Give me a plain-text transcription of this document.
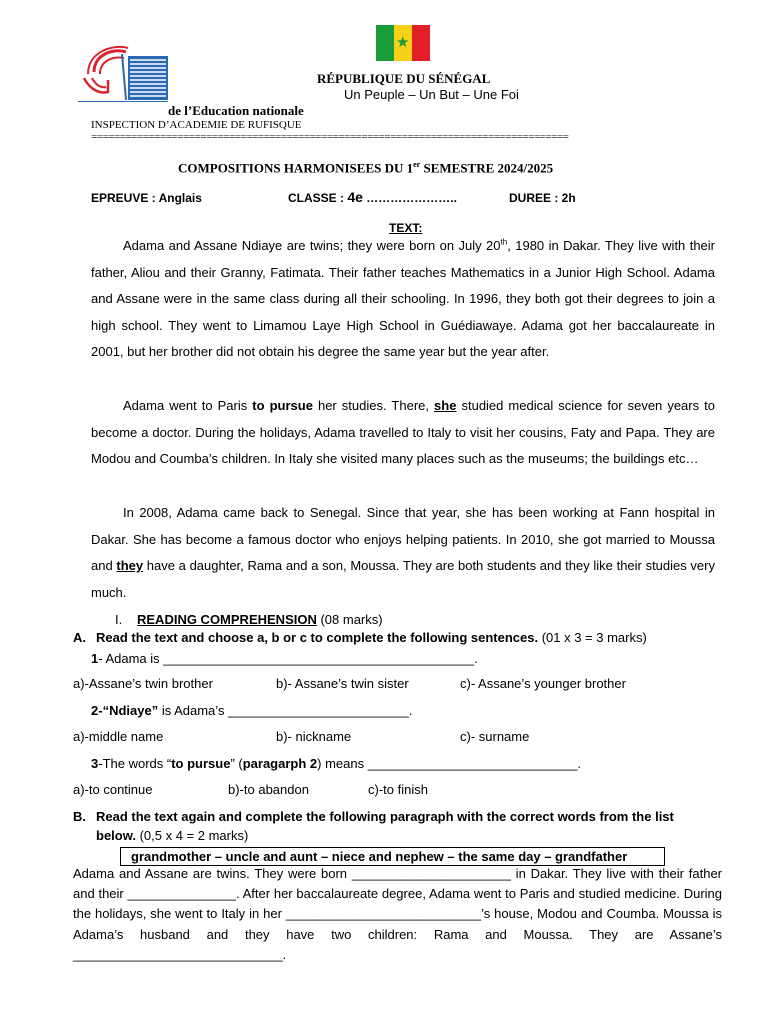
★
RÉPUBLIQUE DU SÉNÉGAL
Un Peuple – Un But – Une Foi
de l’Education nationale
INSPECTION D’ACADEMIE DE RUFISQUE
===================================================================================
COMPOSITIONS HARMONISEES DU 1er SEMESTRE 2024/2025
EPREUVE : Anglais	CLASSE : 4e …………………..	DUREE : 2h
TEXT:
Adama and Assane Ndiaye are twins; they were born on July 20th, 1980 in Dakar. They live with their father, Aliou and their Granny, Fatimata. Their father teaches Mathematics in a Junior High School. Adama and Assane were in the same class during all their schooling. In 1996, they both got their degrees to join a high school. They went to Limamou Laye High School in Guédiawaye. Adama got her baccalaureate in 2001, but her brother did not obtain his degree the same year but the year after.
Adama went to Paris to pursue her studies. There, she studied medical science for seven years to become a doctor. During the holidays, Adama travelled to Italy to visit her cousins, Faty and Papa. They are Modou and Coumba’s children. In Italy she visited many places such as the museums; the buildings etc…
In 2008, Adama came back to Senegal. Since that year, she has been working at Fann hospital in Dakar. She has become a famous doctor who enjoys helping patients. In 2010, she got married to Moussa and they have a daughter, Rama and a son, Moussa. They are both students and they like their studies very much.
I. READING COMPREHENSION (08 marks)
A. Read the text and choose a, b or c to complete the following sentences. (01 x 3 = 3 marks)
1- Adama is ___________________________________________.
a)-Assane’s twin brother	b)- Assane’s twin sister	c)- Assane’s younger brother
2-“Ndiaye” is Adama’s _________________________.
a)-middle name	b)- nickname	c)- surname
3-The words “to pursue” (paragarph 2) means _____________________________.
a)-to continue	b)-to abandon	c)-to finish
B. Read the text again and complete the following paragraph with the correct words from the list
below. (0,5 x 4 = 2 marks)
grandmother – uncle and aunt – niece and nephew – the same day – grandfather
Adama and Assane are twins. They were born ______________________ in Dakar. They live with their father and their _______________. After her baccalaureate degree, Adama went to Paris and studied medicine. During the holidays, she went to Italy in her ___________________________’s house, Modou and Coumba. Moussa is Adama’s husband and they have two children: Rama and Moussa. They are Assane’s _____________________________.
